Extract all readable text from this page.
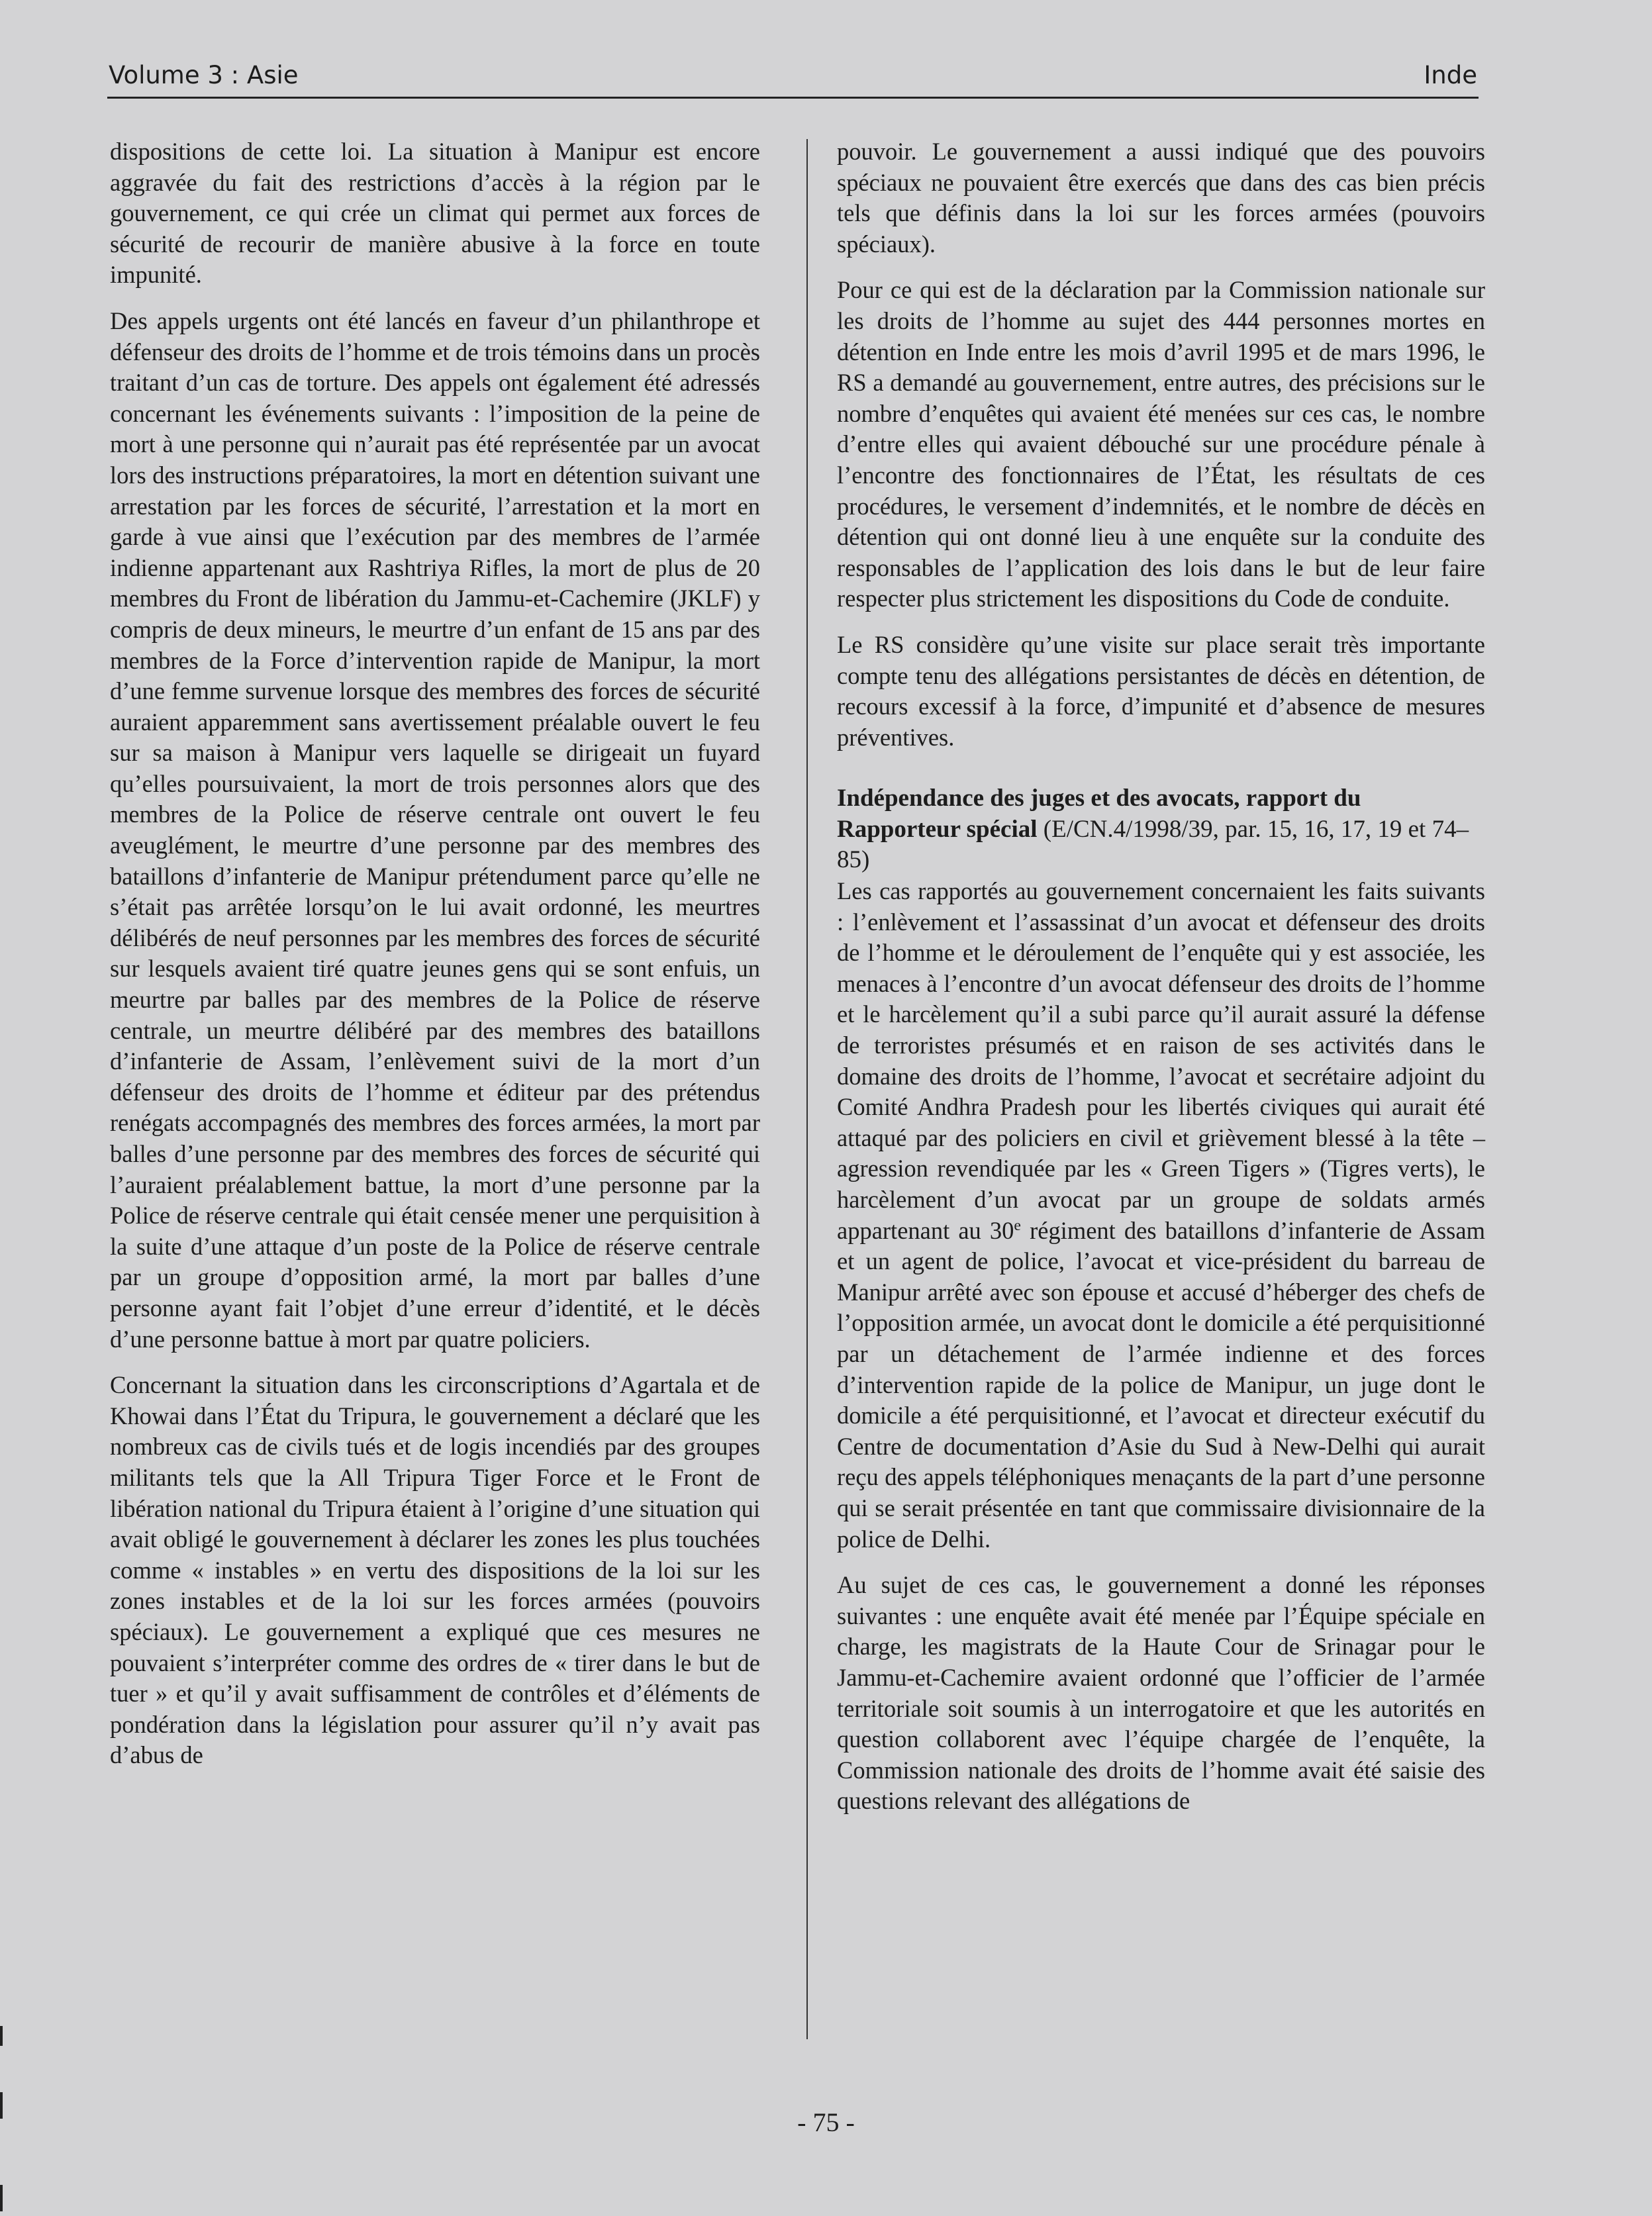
Volume 3 : Asie	Inde

dispositions de cette loi. La situation à Manipur est encore aggravée du fait des restrictions d’accès à la région par le gouvernement, ce qui crée un climat qui permet aux forces de sécurité de recourir de manière abusive à la force en toute impunité.

Des appels urgents ont été lancés en faveur d’un philanthrope et défenseur des droits de l’homme et de trois témoins dans un procès traitant d’un cas de torture. Des appels ont également été adressés concernant les événements suivants : l’imposition de la peine de mort à une personne qui n’aurait pas été représentée par un avocat lors des instructions préparatoires, la mort en détention suivant une arrestation par les forces de sécurité, l’arrestation et la mort en garde à vue ainsi que l’exécution par des membres de l’armée indienne appartenant aux Rashtriya Rifles, la mort de plus de 20 membres du Front de libération du Jammu-et-Cachemire (JKLF) y compris de deux mineurs, le meurtre d’un enfant de 15 ans par des membres de la Force d’intervention rapide de Manipur, la mort d’une femme survenue lorsque des membres des forces de sécurité auraient apparemment sans avertissement préalable ouvert le feu sur sa maison à Manipur vers laquelle se dirigeait un fuyard qu’elles poursuivaient, la mort de trois personnes alors que des membres de la Police de réserve centrale ont ouvert le feu aveuglément, le meurtre d’une personne par des membres des bataillons d’infanterie de Manipur prétendument parce qu’elle ne s’était pas arrêtée lorsqu’on le lui avait ordonné, les meurtres délibérés de neuf personnes par les membres des forces de sécurité sur lesquels avaient tiré quatre jeunes gens qui se sont enfuis, un meurtre par balles par des membres de la Police de réserve centrale, un meurtre délibéré par des membres des bataillons d’infanterie de Assam, l’enlèvement suivi de la mort d’un défenseur des droits de l’homme et éditeur par des prétendus renégats accompagnés des membres des forces armées, la mort par balles d’une personne par des membres des forces de sécurité qui l’auraient préalablement battue, la mort d’une personne par la Police de réserve centrale qui était censée mener une perquisition à la suite d’une attaque d’un poste de la Police de réserve centrale par un groupe d’opposition armé, la mort par balles d’une personne ayant fait l’objet d’une erreur d’identité, et le décès d’une personne battue à mort par quatre policiers.

Concernant la situation dans les circonscriptions d’Agartala et de Khowai dans l’État du Tripura, le gouvernement a déclaré que les nombreux cas de civils tués et de logis incendiés par des groupes militants tels que la All Tripura Tiger Force et le Front de libération national du Tripura étaient à l’origine d’une situation qui avait obligé le gouvernement à déclarer les zones les plus touchées comme « instables » en vertu des dispositions de la loi sur les zones instables et de la loi sur les forces armées (pouvoirs spéciaux). Le gouvernement a expliqué que ces mesures ne pouvaient s’interpréter comme des ordres de « tirer dans le but de tuer » et qu’il y avait suffisamment de contrôles et d’éléments de pondération dans la législation pour assurer qu’il n’y avait pas d’abus de

pouvoir. Le gouvernement a aussi indiqué que des pouvoirs spéciaux ne pouvaient être exercés que dans des cas bien précis tels que définis dans la loi sur les forces armées (pouvoirs spéciaux).

Pour ce qui est de la déclaration par la Commission nationale sur les droits de l’homme au sujet des 444 personnes mortes en détention en Inde entre les mois d’avril 1995 et de mars 1996, le RS a demandé au gouvernement, entre autres, des précisions sur le nombre d’enquêtes qui avaient été menées sur ces cas, le nombre d’entre elles qui avaient débouché sur une procédure pénale à l’encontre des fonctionnaires de l’État, les résultats de ces procédures, le versement d’indemnités, et le nombre de décès en détention qui ont donné lieu à une enquête sur la conduite des responsables de l’application des lois dans le but de leur faire respecter plus strictement les dispositions du Code de conduite.

Le RS considère qu’une visite sur place serait très importante compte tenu des allégations persistantes de décès en détention, de recours excessif à la force, d’impunité et d’absence de mesures préventives.

Indépendance des juges et des avocats, rapport du Rapporteur spécial (E/CN.4/1998/39, par. 15, 16, 17, 19 et 74–85)

Les cas rapportés au gouvernement concernaient les faits suivants : l’enlèvement et l’assassinat d’un avocat et défenseur des droits de l’homme et le déroulement de l’enquête qui y est associée, les menaces à l’encontre d’un avocat défenseur des droits de l’homme et le harcèlement qu’il a subi parce qu’il aurait assuré la défense de terroristes présumés et en raison de ses activités dans le domaine des droits de l’homme, l’avocat et secrétaire adjoint du Comité Andhra Pradesh pour les libertés civiques qui aurait été attaqué par des policiers en civil et grièvement blessé à la tête – agression revendiquée par les « Green Tigers » (Tigres verts), le harcèlement d’un avocat par un groupe de soldats armés appartenant au 30e régiment des bataillons d’infanterie de Assam et un agent de police, l’avocat et vice-président du barreau de Manipur arrêté avec son épouse et accusé d’héberger des chefs de l’opposition armée, un avocat dont le domicile a été perquisitionné par un détachement de l’armée indienne et des forces d’intervention rapide de la police de Manipur, un juge dont le domicile a été perquisitionné, et l’avocat et directeur exécutif du Centre de documentation d’Asie du Sud à New-Delhi qui aurait reçu des appels téléphoniques menaçants de la part d’une personne qui se serait présentée en tant que commissaire divisionnaire de la police de Delhi.

Au sujet de ces cas, le gouvernement a donné les réponses suivantes : une enquête avait été menée par l’Équipe spéciale en charge, les magistrats de la Haute Cour de Srinagar pour le Jammu-et-Cachemire avaient ordonné que l’officier de l’armée territoriale soit soumis à un interrogatoire et que les autorités en question collaborent avec l’équipe chargée de l’enquête, la Commission nationale des droits de l’homme avait été saisie des questions relevant des allégations de

- 75 -
